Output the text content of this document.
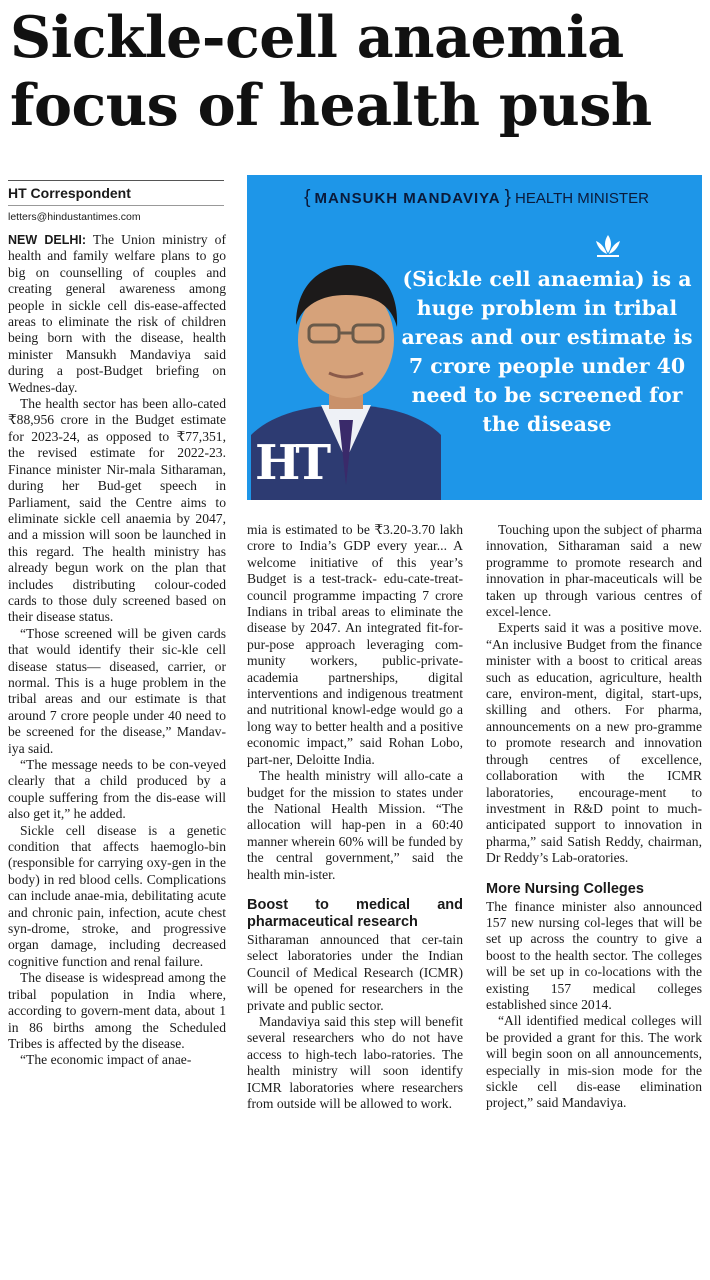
Sickle-cell anaemia
focus of health push
HT Correspondent
letters@hindustantimes.com
{ MANSUKH MANDAVIYA } HEALTH MINISTER
(Sickle cell anaemia) is a huge problem in tribal areas and our estimate is 7 crore people under 40 need to be screened for the disease
HT

NEW DELHI: The Union ministry of health and family welfare plans to go big on counselling of couples and creating general awareness among people in sickle cell dis-ease-affected areas to eliminate the risk of children being born with the disease, health minister Mansukh Mandaviya said during a post-Budget briefing on Wednes-day.

The health sector has been allo-cated ₹88,956 crore in the Budget estimate for 2023-24, as opposed to ₹77,351, the revised estimate for 2022-23. Finance minister Nir-mala Sitharaman, during her Bud-get speech in Parliament, said the Centre aims to eliminate sickle cell anaemia by 2047, and a mission will soon be launched in this regard. The health ministry has already begun work on the plan that includes distributing colour-coded cards to those duly screened based on their disease status.

“Those screened will be given cards that would identify their sic-kle cell disease status— diseased, carrier, or normal. This is a huge problem in the tribal areas and our estimate is that around 7 crore people under 40 need to be screened for the disease,” Mandav-iya said.

“The message needs to be con-veyed clearly that a child produced by a couple suffering from the dis-ease will also get it,” he added.

Sickle cell disease is a genetic condition that affects haemoglo-bin (responsible for carrying oxy-gen in the body) in red blood cells. Complications can include anae-mia, debilitating acute and chronic pain, infection, acute chest syn-drome, stroke, and progressive organ damage, including decreased cognitive function and renal failure.

The disease is widespread among the tribal population in India where, according to govern-ment data, about 1 in 86 births among the Scheduled Tribes is affected by the disease.

“The economic impact of anae-

mia is estimated to be ₹3.20-3.70 lakh crore to India’s GDP every year... A welcome initiative of this year’s Budget is a test-track- edu-cate-treat-council programme impacting 7 crore Indians in tribal areas to eliminate the disease by 2047. An integrated fit-for-pur-pose approach leveraging com-munity workers, public-private-academia partnerships, digital interventions and indigenous treatment and nutritional knowl-edge would go a long way to better health and a positive economic impact,” said Rohan Lobo, part-ner, Deloitte India.

The health ministry will allo-cate a budget for the mission to states under the National Health Mission. “The allocation will hap-pen in a 60:40 manner wherein 60% will be funded by the central government,” said the health min-ister.

Boost to medical and pharmaceutical research

Sitharaman announced that cer-tain select laboratories under the Indian Council of Medical Research (ICMR) will be opened for researchers in the private and public sector.

Mandaviya said this step will benefit several researchers who do not have access to high-tech labo-ratories. The health ministry will soon identify ICMR laboratories where researchers from outside will be allowed to work.

Touching upon the subject of pharma innovation, Sitharaman said a new programme to promote research and innovation in phar-maceuticals will be taken up through various centres of excel-lence.

Experts said it was a positive move. “An inclusive Budget from the finance minister with a boost to critical areas such as education, agriculture, health care, environ-ment, digital, start-ups, skilling and others. For pharma, announcements on a new pro-gramme to promote research and innovation through centres of excellence, collaboration with the ICMR laboratories, encourage-ment to investment in R&D point to much-anticipated support to innovation in pharma,” said Satish Reddy, chairman, Dr Reddy’s Lab-oratories.

More Nursing Colleges

The finance minister also announced 157 new nursing col-leges that will be set up across the country to give a boost to the health sector. The colleges will be set up in co-locations with the existing 157 medical colleges established since 2014.

“All identified medical colleges will be provided a grant for this. The work will begin soon on all announcements, especially in mis-sion mode for the sickle cell dis-ease elimination project,” said Mandaviya.
